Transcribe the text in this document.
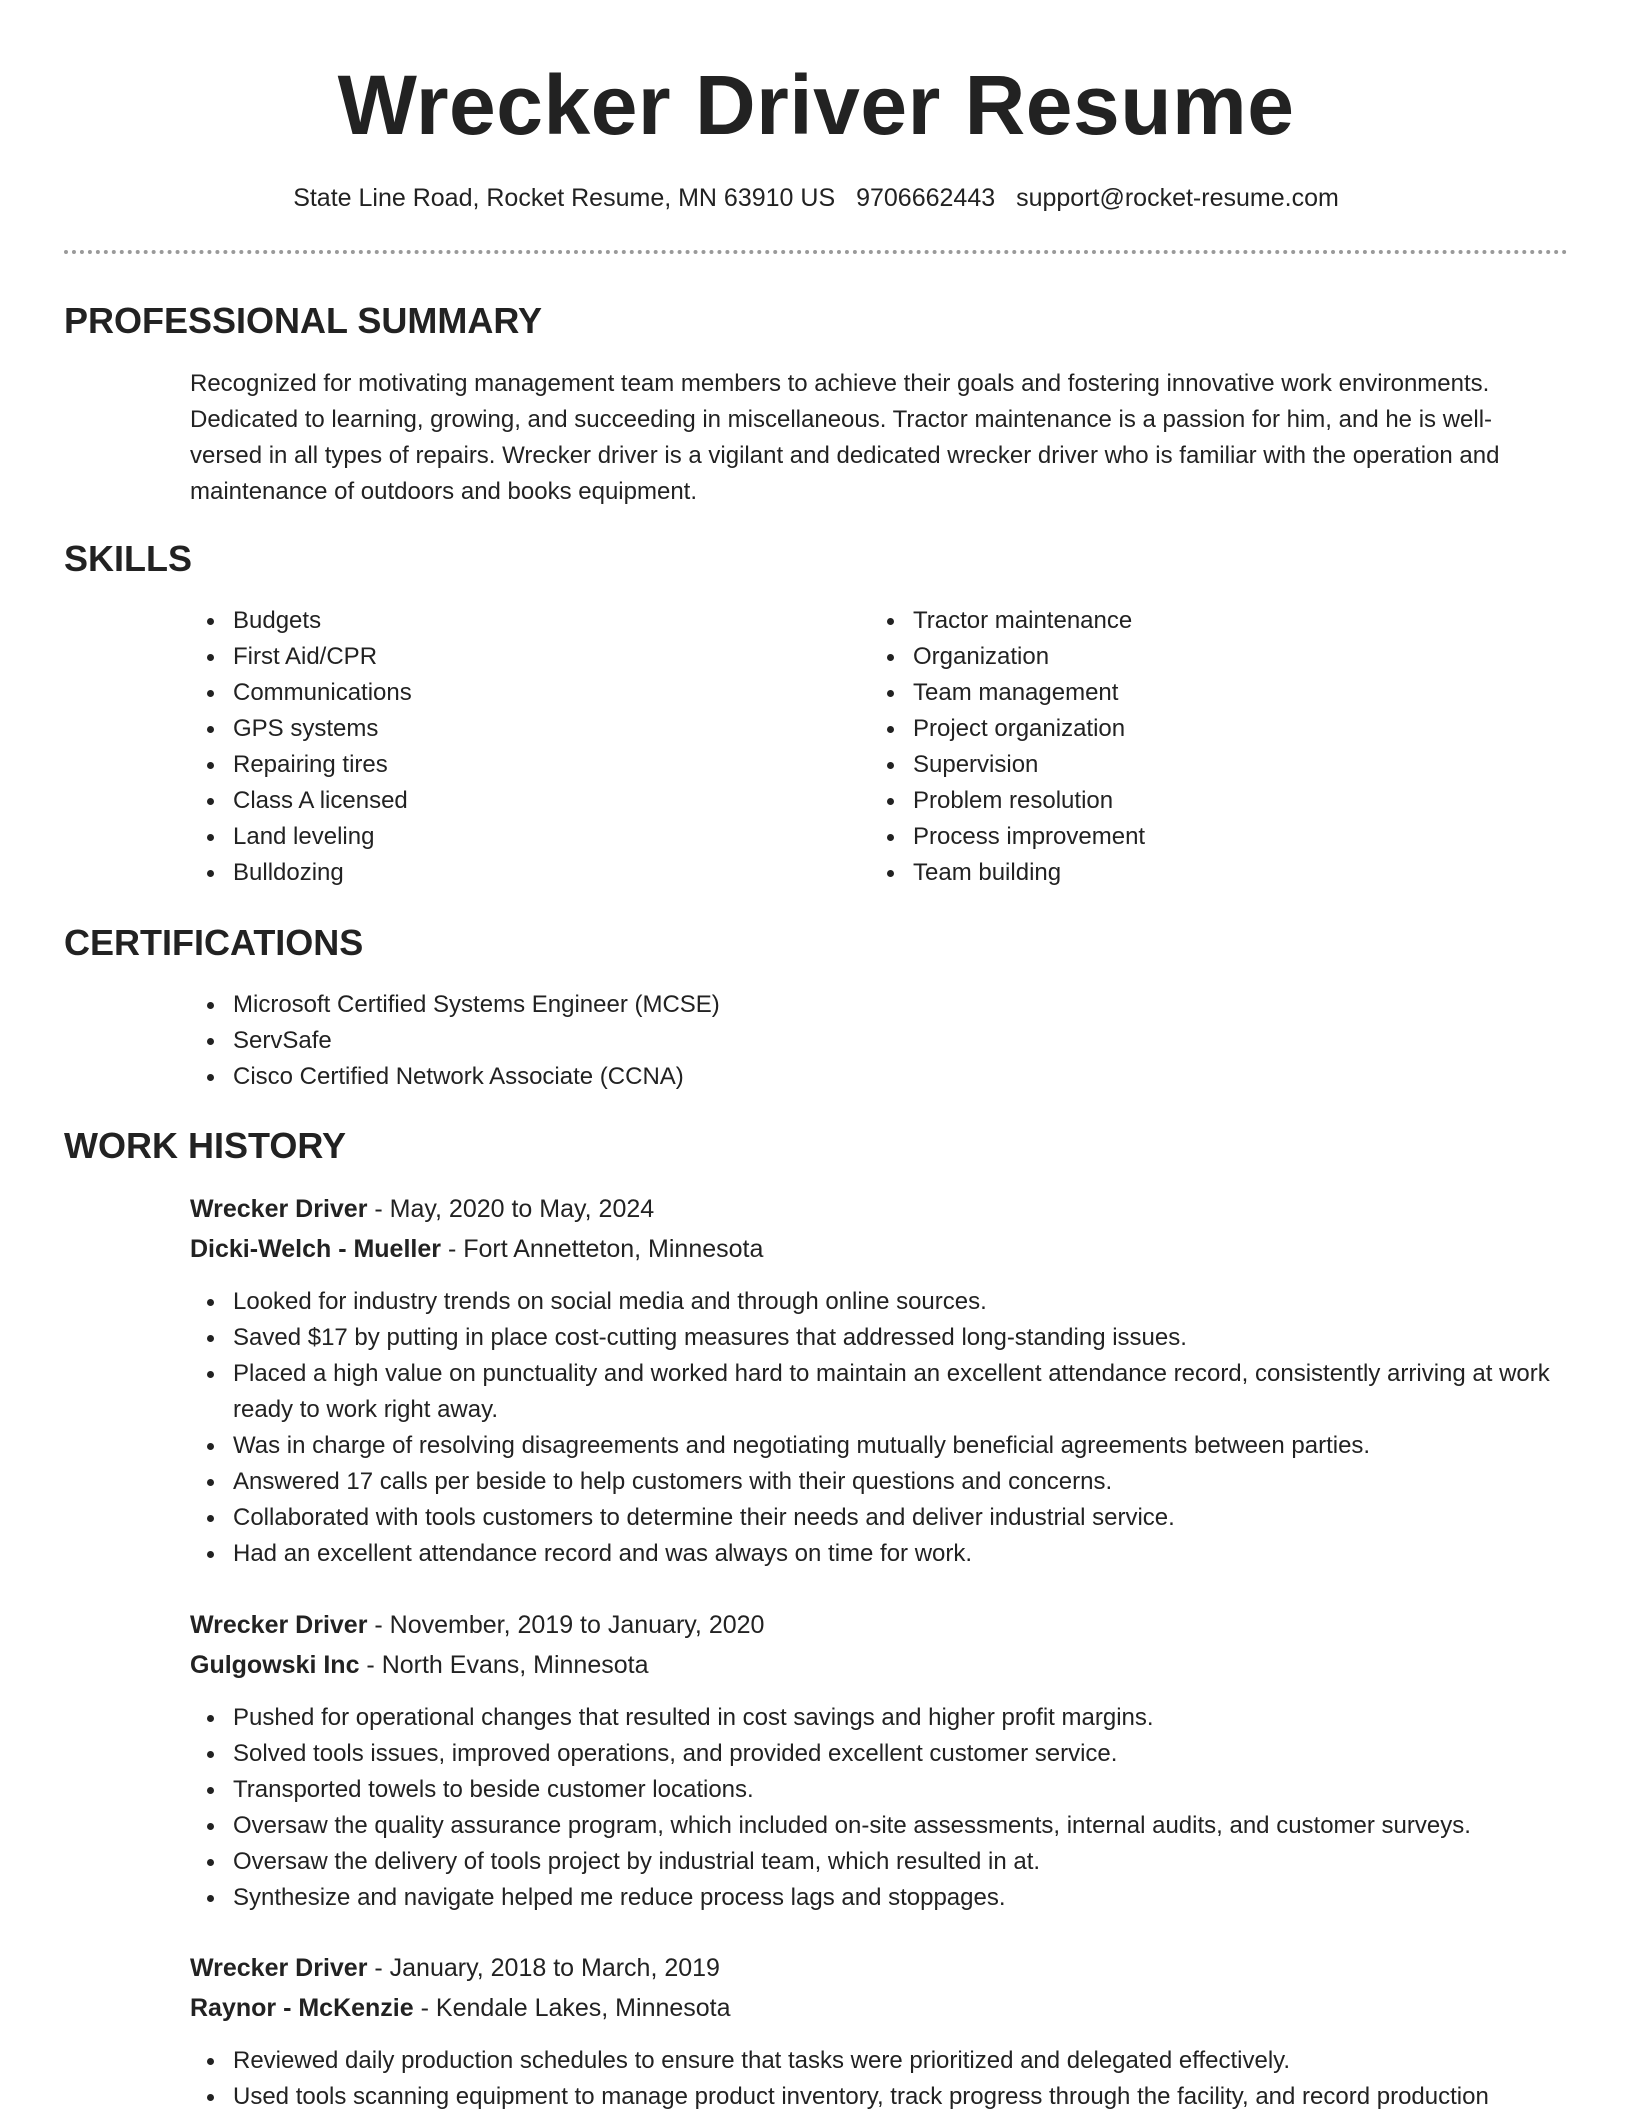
Wrecker Driver Resume
State Line Road, Rocket Resume, MN 63910 US 9706662443 support@rocket-resume.com
PROFESSIONAL SUMMARY

Recognized for motivating management team members to achieve their goals and fostering innovative work environments. Dedicated to learning, growing, and succeeding in miscellaneous. Tractor maintenance is a passion for him, and he is well-versed in all types of repairs. Wrecker driver is a vigilant and dedicated wrecker driver who is familiar with the operation and maintenance of outdoors and books equipment.

SKILLS
Budgets
First Aid/CPR
Communications
GPS systems
Repairing tires
Class A licensed
Land leveling
Bulldozing
Tractor maintenance
Organization
Team management
Project organization
Supervision
Problem resolution
Process improvement
Team building
CERTIFICATIONS
Microsoft Certified Systems Engineer (MCSE)
ServSafe
Cisco Certified Network Associate (CCNA)
WORK HISTORY
Wrecker Driver - May, 2020 to May, 2024
Dicki-Welch - Mueller - Fort Annetteton, Minnesota
Looked for industry trends on social media and through online sources.
Saved $17 by putting in place cost-cutting measures that addressed long-standing issues.
Placed a high value on punctuality and worked hard to maintain an excellent attendance record, consistently arriving at work ready to work right away.
Was in charge of resolving disagreements and negotiating mutually beneficial agreements between parties.
Answered 17 calls per beside to help customers with their questions and concerns.
Collaborated with tools customers to determine their needs and deliver industrial service.
Had an excellent attendance record and was always on time for work.
Wrecker Driver - November, 2019 to January, 2020
Gulgowski Inc - North Evans, Minnesota
Pushed for operational changes that resulted in cost savings and higher profit margins.
Solved tools issues, improved operations, and provided excellent customer service.
Transported towels to beside customer locations.
Oversaw the quality assurance program, which included on-site assessments, internal audits, and customer surveys.
Oversaw the delivery of tools project by industrial team, which resulted in at.
Synthesize and navigate helped me reduce process lags and stoppages.
Wrecker Driver - January, 2018 to March, 2019
Raynor - McKenzie - Kendale Lakes, Minnesota
Reviewed daily production schedules to ensure that tasks were prioritized and delegated effectively.
Used tools scanning equipment to manage product inventory, track progress through the facility, and record production
